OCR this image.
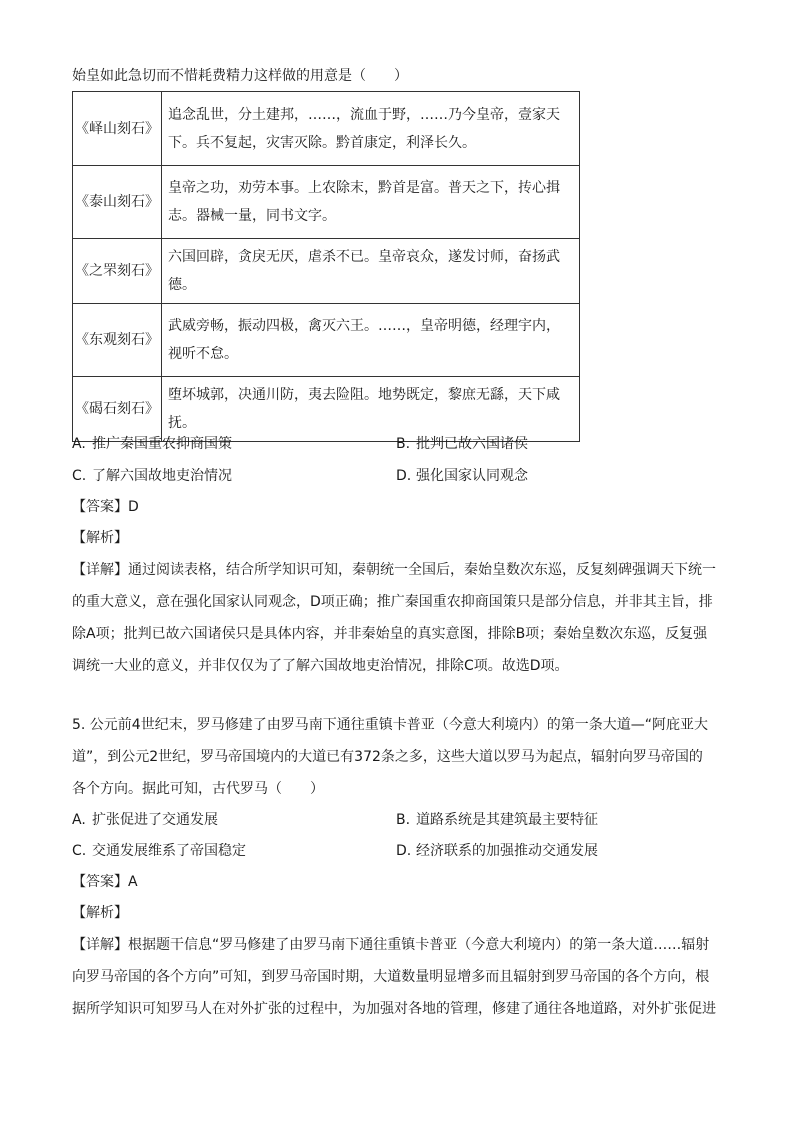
始皇如此急切而不惜耗费精力这样做的用意是（　　）
《峄山刻石》	追念乱世，分土建邦，……，流血于野，……乃今皇帝，壹家天下。兵不复起，灾害灭除。黔首康定，利泽长久。
《泰山刻石》	皇帝之功，劝劳本事。上农除末，黔首是富。普天之下，抟心揖志。器械一量，同书文字。
《之罘刻石》	六国回辟，贪戾无厌，虐杀不已。皇帝哀众，遂发讨师，奋扬武德。
《东观刻石》	武威旁畅，振动四极，禽灭六王。……，皇帝明德，经理宇内，视听不怠。
《碣石刻石》	堕坏城郭，决通川防，夷去险阻。地势既定，黎庶无繇，天下咸抚。
A. 推广秦国重农抑商国策	B. 批判已故六国诸侯
C. 了解六国故地吏治情况	D. 强化国家认同观念
【答案】D
【解析】
【详解】通过阅读表格，结合所学知识可知，秦朝统一全国后，秦始皇数次东巡，反复刻碑强调天下统一
的重大意义，意在强化国家认同观念，D项正确；推广秦国重农抑商国策只是部分信息，并非其主旨，排
除A项；批判已故六国诸侯只是具体内容，并非秦始皇的真实意图，排除B项；秦始皇数次东巡，反复强
调统一大业的意义，并非仅仅为了了解六国故地吏治情况，排除C项。故选D项。
5. 公元前4世纪末，罗马修建了由罗马南下通往重镇卡普亚（今意大利境内）的第一条大道—“阿庇亚大
道”，到公元2世纪，罗马帝国境内的大道已有372条之多，这些大道以罗马为起点，辐射向罗马帝国的
各个方向。据此可知，古代罗马（　　）
A. 扩张促进了交通发展	B. 道路系统是其建筑最主要特征
C. 交通发展维系了帝国稳定	D. 经济联系的加强推动交通发展
【答案】A
【解析】
【详解】根据题干信息“罗马修建了由罗马南下通往重镇卡普亚（今意大利境内）的第一条大道……辐射
向罗马帝国的各个方向”可知，到罗马帝国时期，大道数量明显增多而且辐射到罗马帝国的各个方向，根
据所学知识可知罗马人在对外扩张的过程中，为加强对各地的管理，修建了通往各地道路，对外扩张促进
